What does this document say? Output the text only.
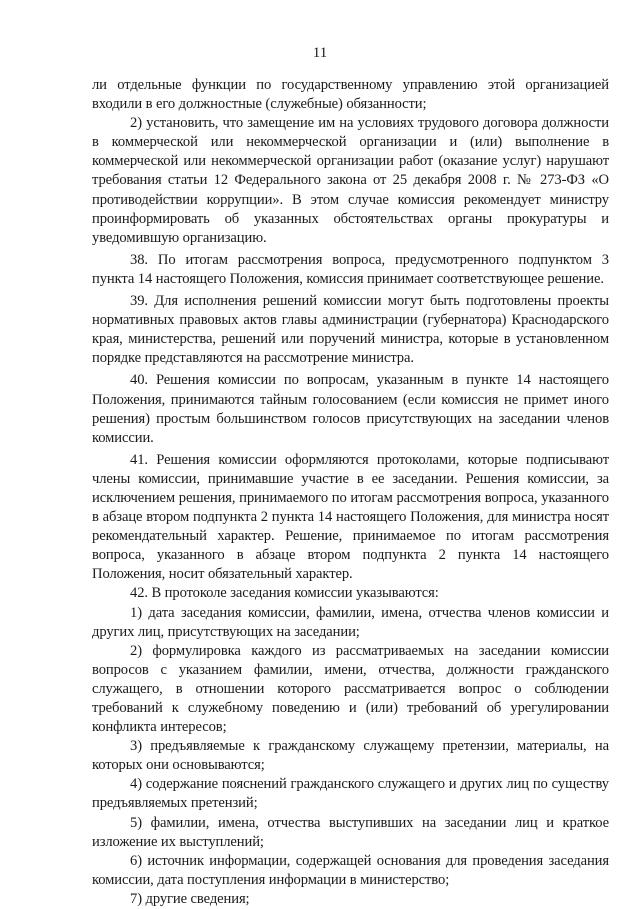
11

ли отдельные функции по государственному управлению этой организацией входили в его должностные (служебные) обязанности;

2) установить, что замещение им на условиях трудового договора должности в коммерческой или некоммерческой организации и (или) выполнение в коммерческой или некоммерческой организации работ (оказание услуг) нарушают требования статьи 12 Федерального закона от 25 декабря 2008 г. № 273-ФЗ «О противодействии коррупции». В этом случае комиссия рекомендует министру проинформировать об указанных обстоятельствах органы прокуратуры и уведомившую организацию.

38. По итогам рассмотрения вопроса, предусмотренного подпунктом 3 пункта 14 настоящего Положения, комиссия принимает соответствующее решение.

39. Для исполнения решений комиссии могут быть подготовлены проекты нормативных правовых актов главы администрации (губернатора) Краснодарского края, министерства, решений или поручений министра, которые в установленном порядке представляются на рассмотрение министра.

40. Решения комиссии по вопросам, указанным в пункте 14 настоящего Положения, принимаются тайным голосованием (если комиссия не примет иного решения) простым большинством голосов присутствующих на заседании членов комиссии.

41. Решения комиссии оформляются протоколами, которые подписывают члены комиссии, принимавшие участие в ее заседании. Решения комиссии, за исключением решения, принимаемого по итогам рассмотрения вопроса, указанного в абзаце втором подпункта 2 пункта 14 настоящего Положения, для министра носят рекомендательный характер. Решение, принимаемое по итогам рассмотрения вопроса, указанного в абзаце втором подпункта 2 пункта 14 настоящего Положения, носит обязательный характер.

42. В протоколе заседания комиссии указываются:

1) дата заседания комиссии, фамилии, имена, отчества членов комиссии и других лиц, присутствующих на заседании;

2) формулировка каждого из рассматриваемых на заседании комиссии вопросов с указанием фамилии, имени, отчества, должности гражданского служащего, в отношении которого рассматривается вопрос о соблюдении требований к служебному поведению и (или) требований об урегулировании конфликта интересов;

3) предъявляемые к гражданскому служащему претензии, материалы, на которых они основываются;

4) содержание пояснений гражданского служащего и других лиц по существу предъявляемых претензий;

5) фамилии, имена, отчества выступивших на заседании лиц и краткое изложение их выступлений;

6) источник информации, содержащей основания для проведения заседания комиссии, дата поступления информации в министерство;

7) другие сведения;
